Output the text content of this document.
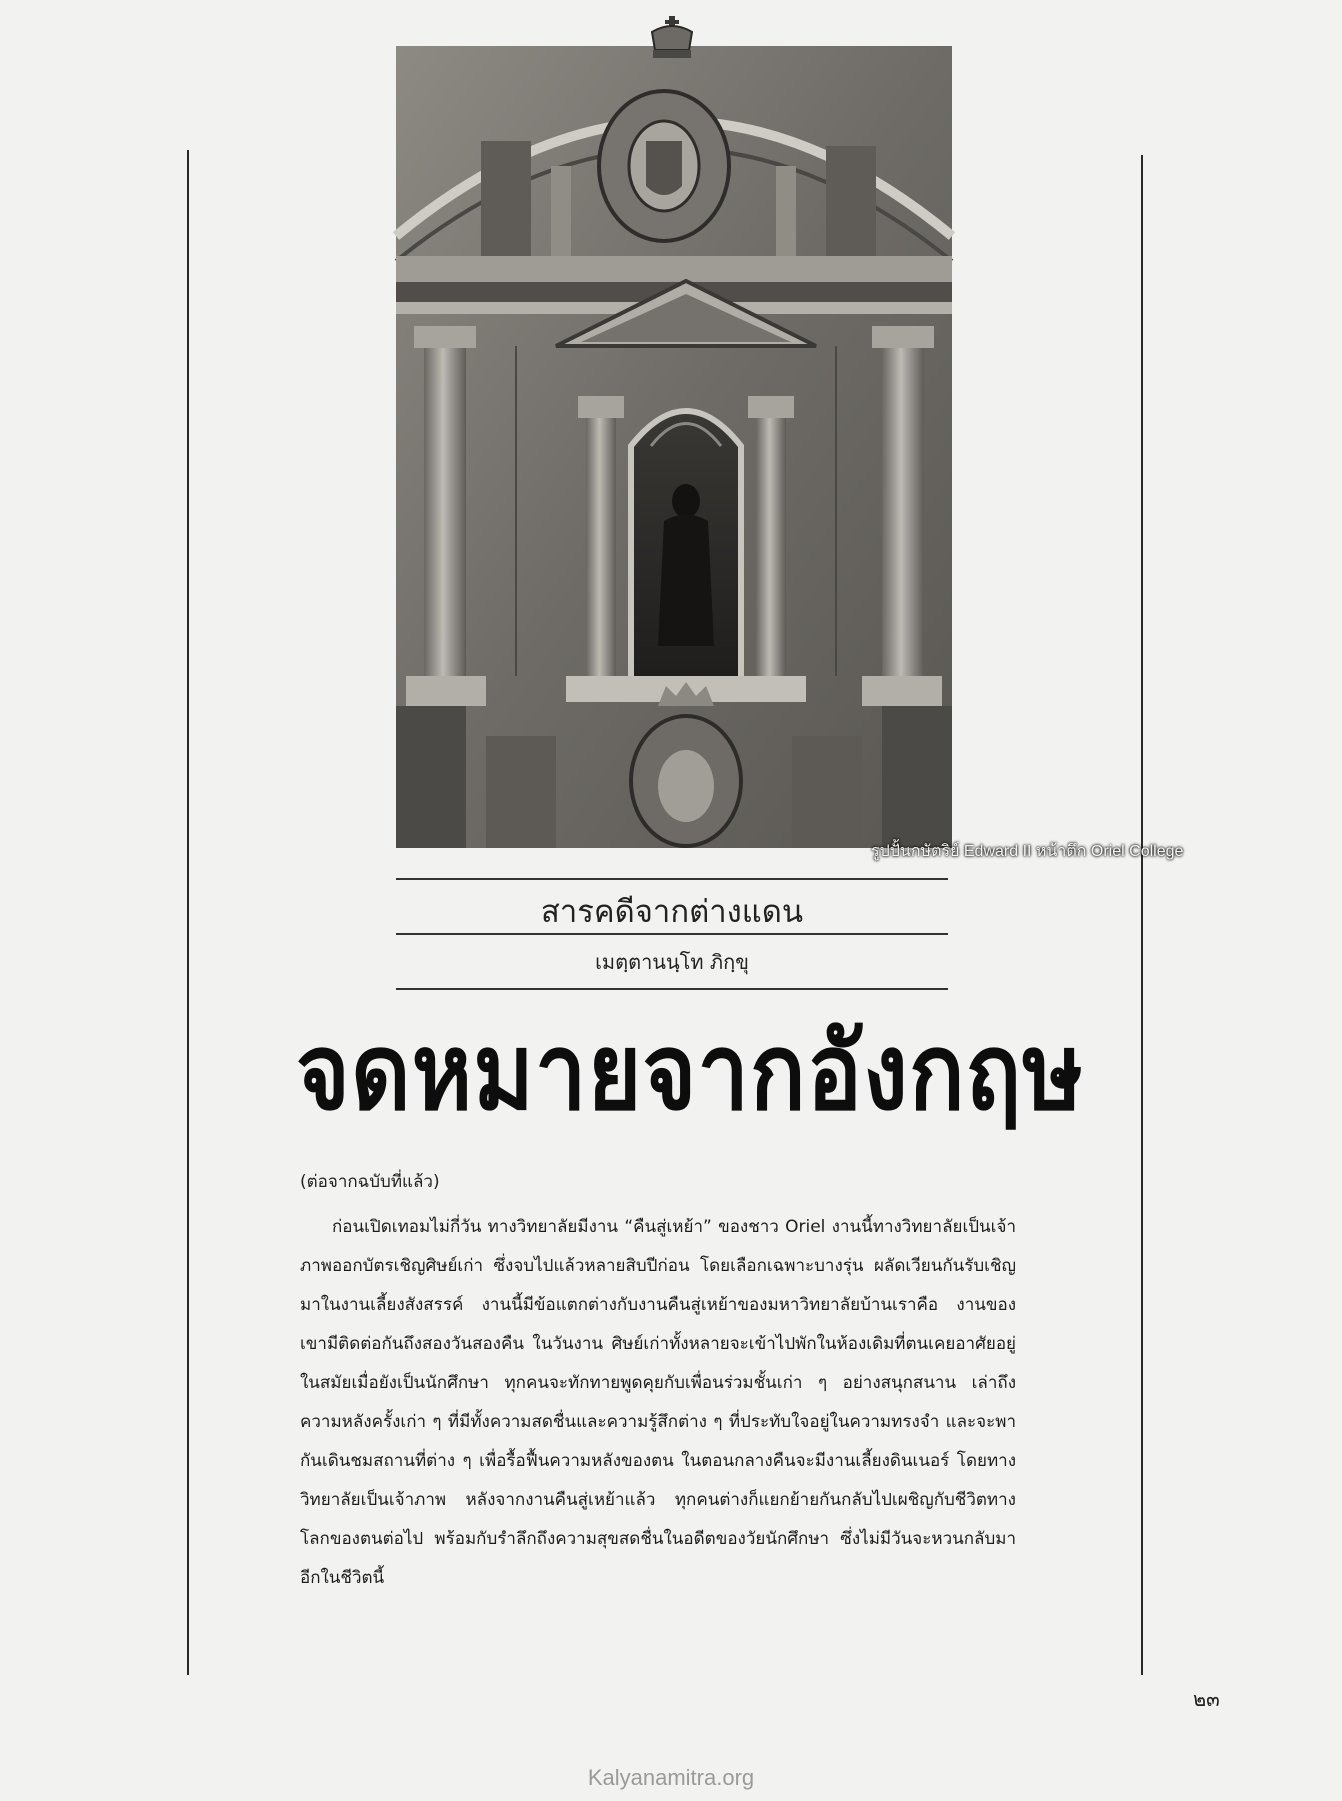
รูปปั้นกษัตริย์ Edward II หน้าตึก Oriel College
สารคดีจากต่างแดน
เมตฺตานนฺโท ภิกฺขุ
จดหมายจากอังกฤษ
(ต่อจากฉบับที่แล้ว)

ก่อนเปิดเทอมไม่กี่วัน ทางวิทยาลัยมีงาน “คืนสู่เหย้า” ของชาว Oriel งานนี้ทางวิทยาลัยเป็นเจ้าภาพออกบัตรเชิญศิษย์เก่า ซึ่งจบไปแล้วหลายสิบปีก่อน โดยเลือกเฉพาะบางรุ่น ผลัดเวียนกันรับเชิญมาในงานเลี้ยงสังสรรค์ งานนี้มีข้อแตกต่างกับงานคืนสู่เหย้าของมหาวิทยาลัยบ้านเราคือ งานของเขามีติดต่อกันถึงสองวันสองคืน ในวันงาน ศิษย์เก่าทั้งหลายจะเข้าไปพักในห้องเดิมที่ตนเคยอาศัยอยู่ในสมัยเมื่อยังเป็นนักศึกษา ทุกคนจะทักทายพูดคุยกับเพื่อนร่วมชั้นเก่า ๆ อย่างสนุกสนาน เล่าถึงความหลังครั้งเก่า ๆ ที่มีทั้งความสดชื่นและความรู้สึกต่าง ๆ ที่ประทับใจอยู่ในความทรงจำ และจะพากันเดินชมสถานที่ต่าง ๆ เพื่อรื้อฟื้นความหลังของตน ในตอนกลางคืนจะมีงานเลี้ยงดินเนอร์ โดยทางวิทยาลัยเป็นเจ้าภาพ หลังจากงานคืนสู่เหย้าแล้ว ทุกคนต่างก็แยกย้ายกันกลับไปเผชิญกับชีวิตทางโลกของตนต่อไป พร้อมกับรำลึกถึงความสุขสดชื่นในอดีตของวัยนักศึกษา ซึ่งไม่มีวันจะหวนกลับมาอีกในชีวิตนี้

๒๓
Kalyanamitra.org
